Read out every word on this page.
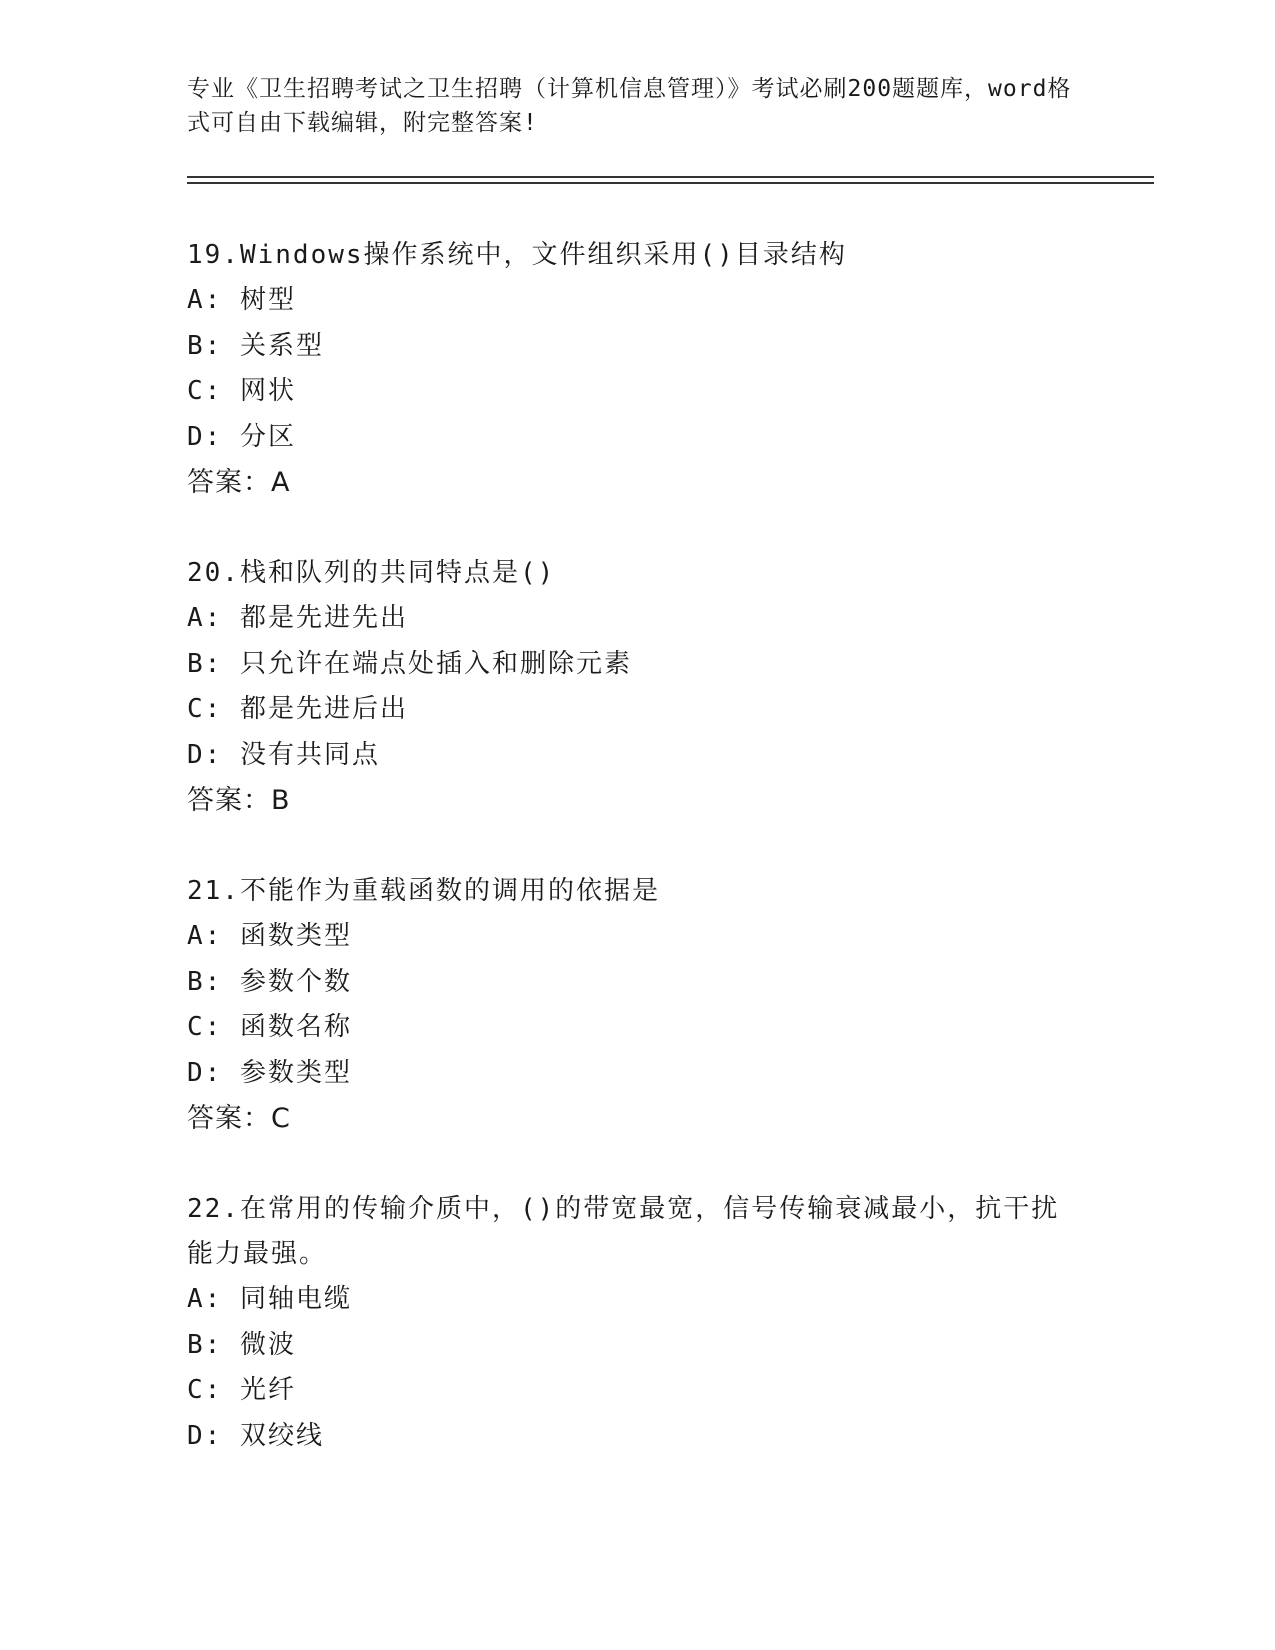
专业《卫生招聘考试之卫生招聘（计算机信息管理）》考试必刷200题题库，word格式可自由下载编辑，附完整答案!
19.Windows操作系统中，文件组织采用()目录结构
A: 树型
B: 关系型
C: 网状
D: 分区
答案：A
20.栈和队列的共同特点是()
A: 都是先进先出
B: 只允许在端点处插入和删除元素
C: 都是先进后出
D: 没有共同点
答案：B
21.不能作为重载函数的调用的依据是
A: 函数类型
B: 参数个数
C: 函数名称
D: 参数类型
答案：C
22.在常用的传输介质中，()的带宽最宽，信号传输衰减最小，抗干扰能力最强。
A: 同轴电缆
B: 微波
C: 光纤
D: 双绞线
